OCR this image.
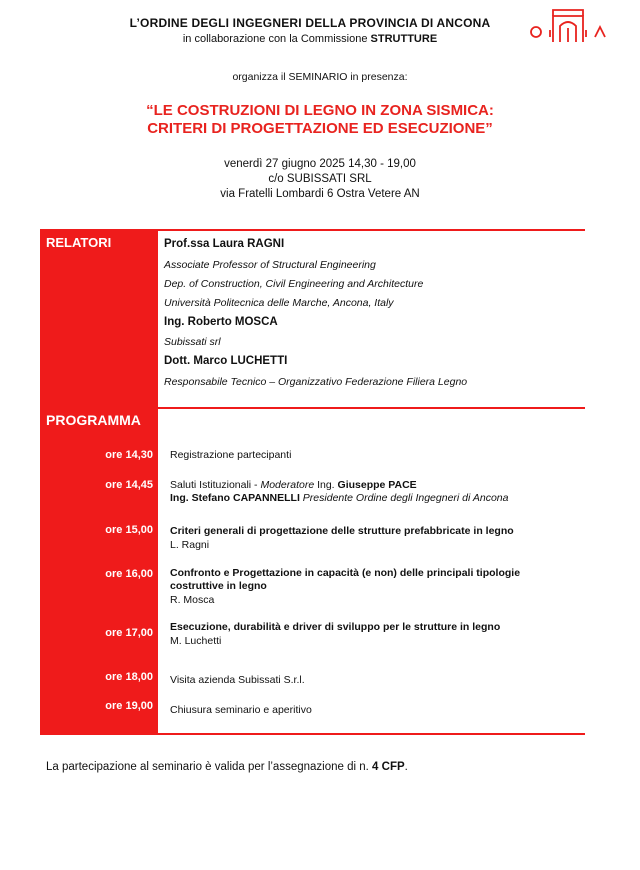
L’ORDINE DEGLI INGEGNERI DELLA PROVINCIA DI ANCONA
in collaborazione con la Commissione STRUTTURE
organizza il SEMINARIO in presenza:
“LE COSTRUZIONI DI LEGNO IN ZONA SISMICA:
CRITERI DI PROGETTAZIONE ED ESECUZIONE”
venerdì 27 giugno 2025 14,30 - 19,00
c/o SUBISSATI SRL
via Fratelli Lombardi 6 Ostra Vetere AN
RELATORI	Prof.ssa Laura RAGNI
Associate Professor of Structural Engineering
Dep. of Construction, Civil Engineering and Architecture
Università Politecnica delle Marche, Ancona, Italy
Ing. Roberto MOSCA
Subissati srl
Dott. Marco LUCHETTI
Responsabile Tecnico – Organizzativo Federazione Filiera Legno
PROGRAMMA
ore 14,30 Registrazione partecipanti
ore 14,45 Saluti Istituzionali - Moderatore Ing. Giuseppe PACE
Ing. Stefano CAPANNELLI Presidente Ordine degli Ingegneri di Ancona
ore 15,00 Criteri generali di progettazione delle strutture prefabbricate in legno
L. Ragni
ore 16,00 Confronto e Progettazione in capacità (e non) delle principali tipologie
costruttive in legno
R. Mosca
ore 17,00 Esecuzione, durabilità e driver di sviluppo per le strutture in legno
M. Luchetti
ore 18,00 Visita azienda Subissati S.r.l.
ore 19,00 Chiusura seminario e aperitivo
La partecipazione al seminario è valida per l’assegnazione di n. 4 CFP.
